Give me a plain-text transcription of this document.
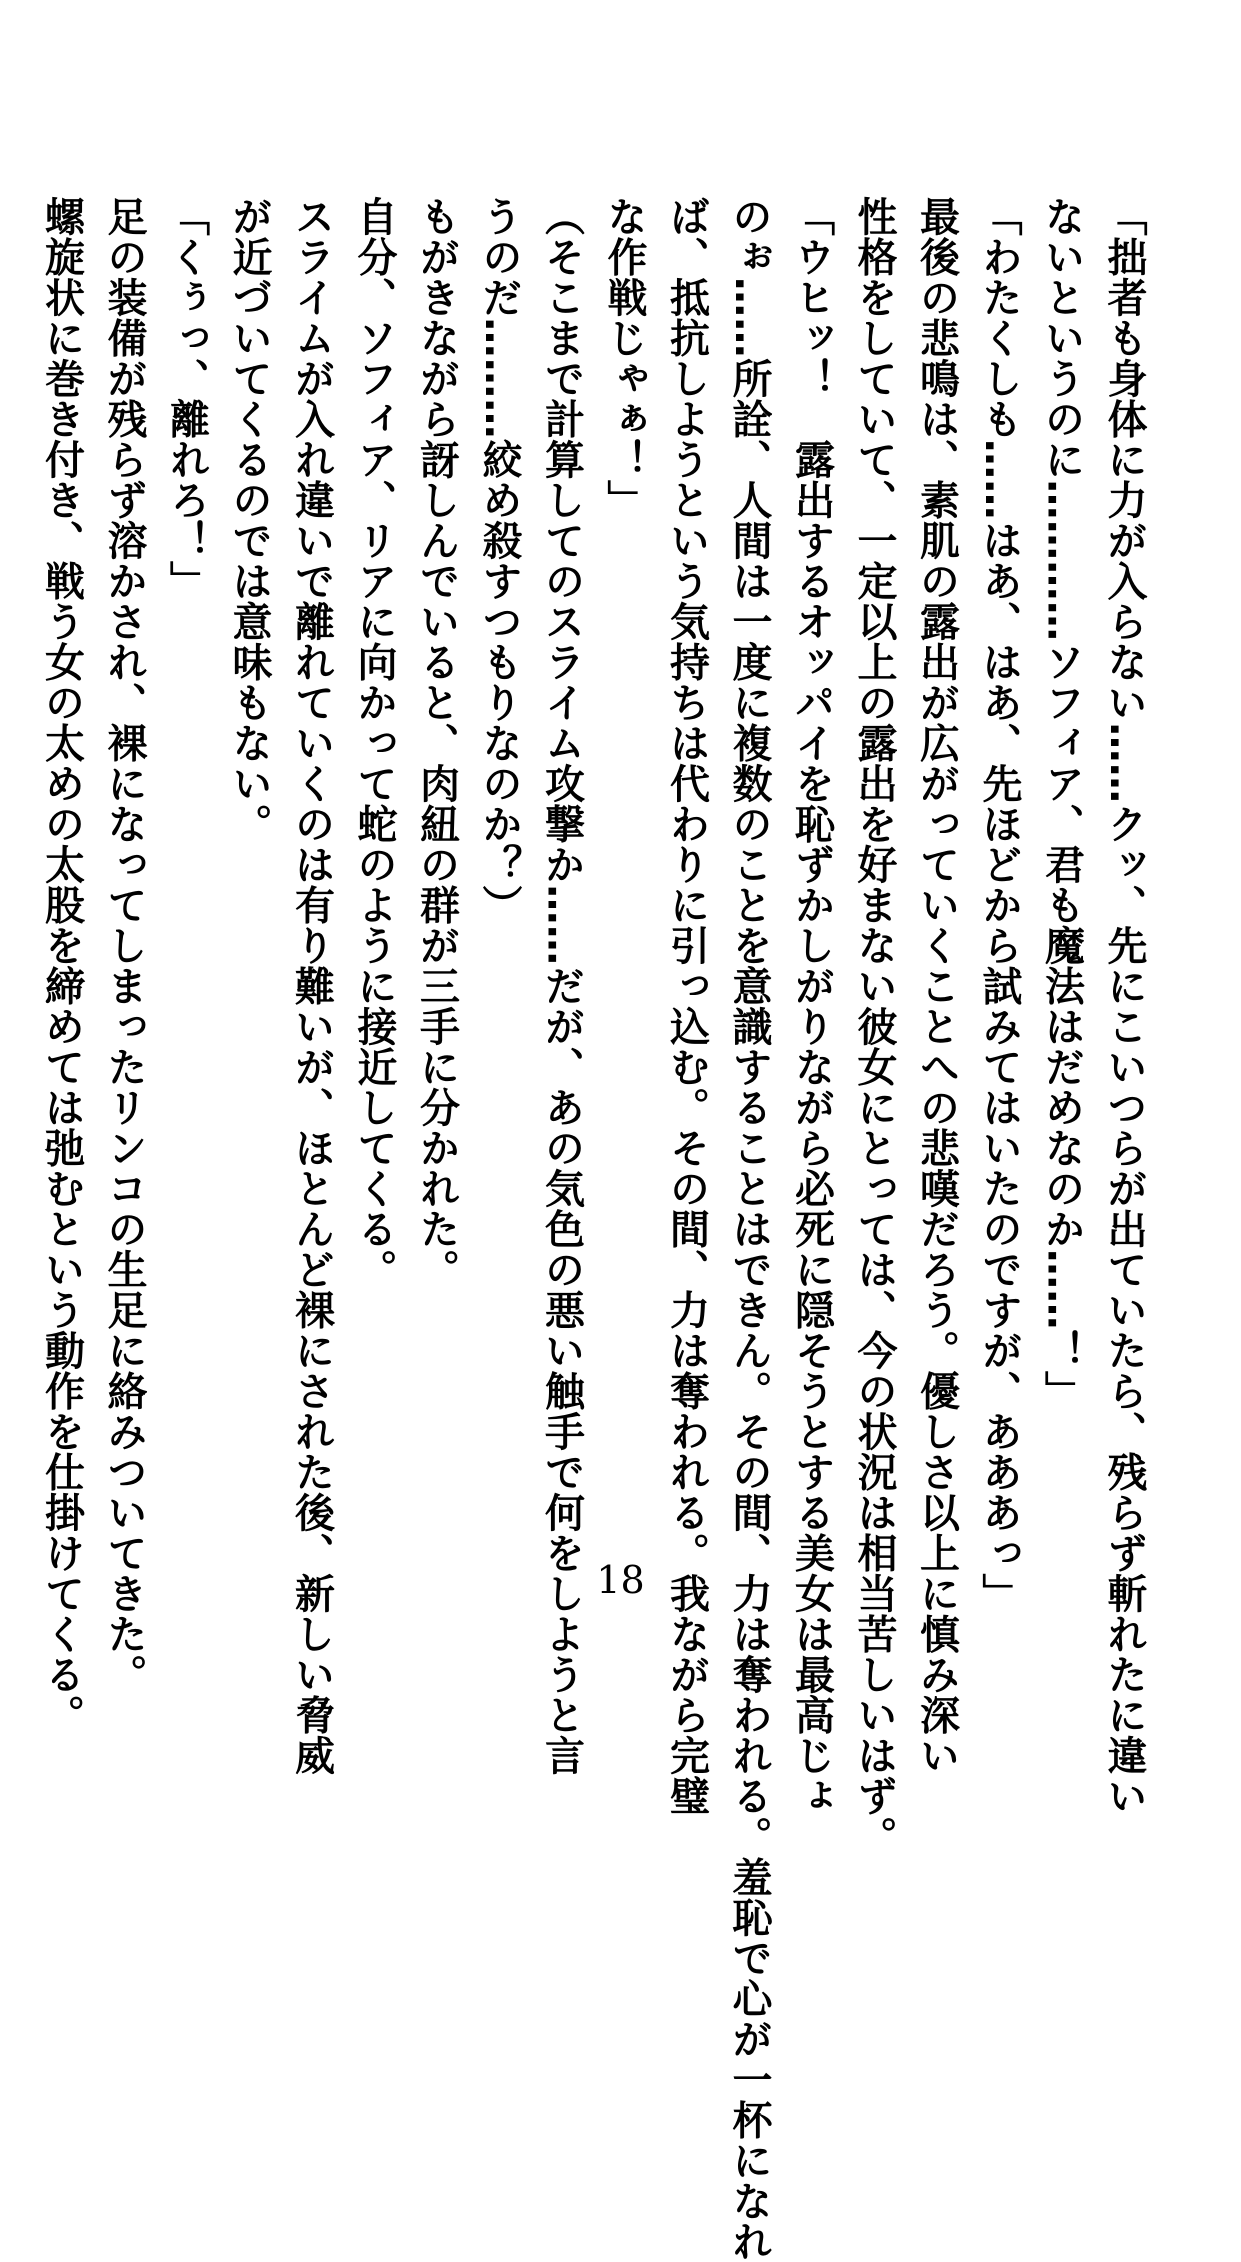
「拙者も身体に力が入らない……クッ、先にこいつらが出ていたら、残らず斬れたに違い
ないというのに…………ソフィア、君も魔法はだめなのか……！」
「わたくしも……はあ、はあ、先ほどから試みてはいたのですが、あああっ」
最後の悲鳴は、素肌の露出が広がっていくことへの悲嘆だろう。優しさ以上に慎み深い
性格をしていて、一定以上の露出を好まない彼女にとっては、今の状況は相当苦しいはず。
「ウヒッ！　露出するオッパイを恥ずかしがりながら必死に隠そうとする美女は最高じょ
のぉ……所詮、人間は一度に複数のことを意識することはできん。その間、力は奪われる。羞恥で心が一杯になれ
ば、抵抗しようという気持ちは代わりに引っ込む。その間、力は奪われる。我ながら完璧
な作戦じゃぁ！」
（そこまで計算してのスライム攻撃か……だが、あの気色の悪い触手で何をしようと言
うのだ………絞め殺すつもりなのか？）
もがきながら訝しんでいると、肉紐の群が三手に分かれた。
自分、ソフィア、リアに向かって蛇のように接近してくる。
スライムが入れ違いで離れていくのは有り難いが、ほとんど裸にされた後、新しい脅威
が近づいてくるのでは意味もない。
「くぅっ、離れろ！」
足の装備が残らず溶かされ、裸になってしまったリンコの生足に絡みついてきた。
螺旋状に巻き付き、戦う女の太めの太股を締めては弛むという動作を仕掛けてくる。	18
